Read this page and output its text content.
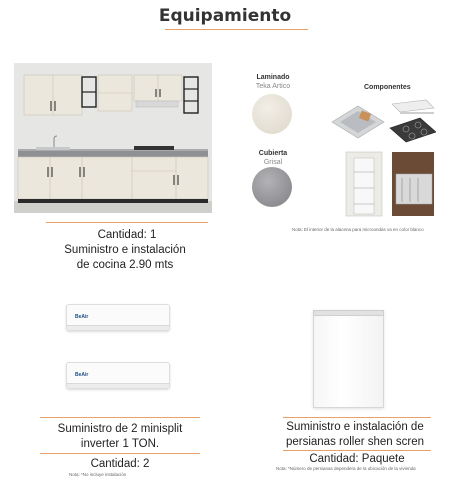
Equipamiento
Cantidad: 1
Suministro e instalación
de cocina 2.90 mts
Laminado
Teka Artico
Cubierta
Grisal
Componentes
Nota: El interior de la alacena para microondas va en color blanco
BeAir
BeAir
Suministro de 2 minisplit
inverter 1 TON.
Cantidad: 2
Nota: *No incluye instalación
Suministro e instalación de
persianas roller shen scren
Cantidad: Paquete
Nota: *Número de persianas dependera de la ubicación de la vivienda
